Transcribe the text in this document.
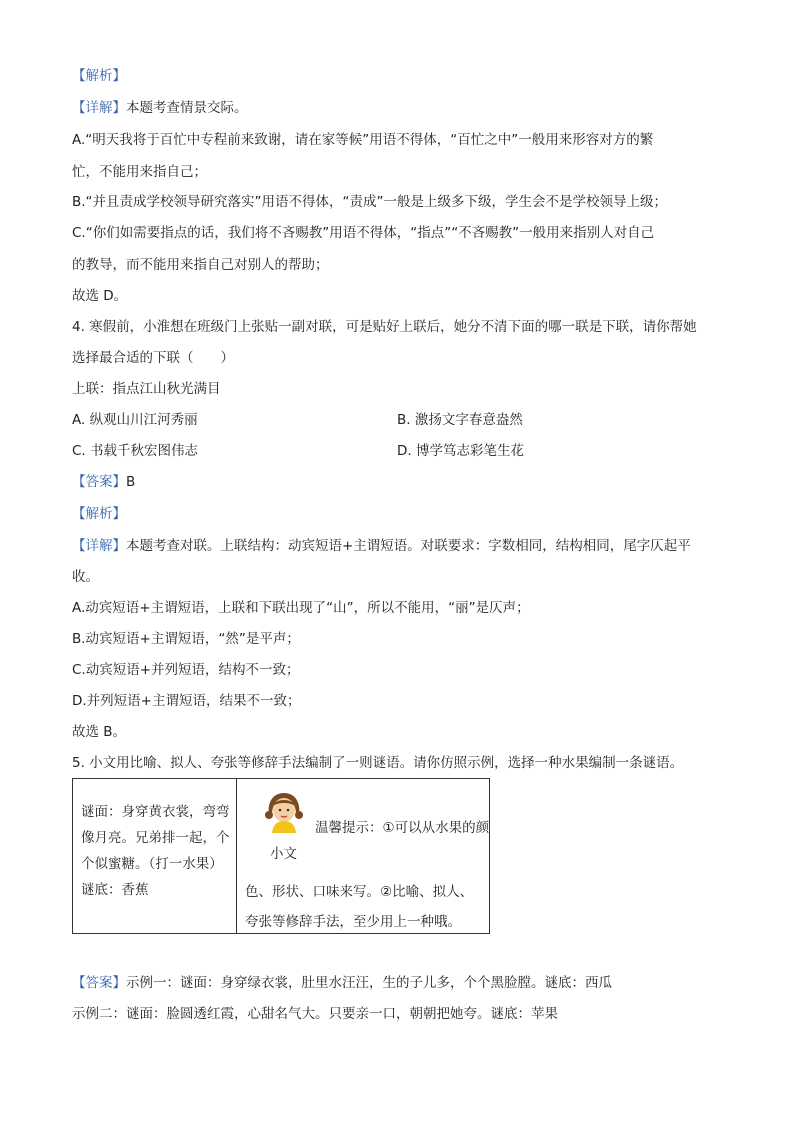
【解析】
【详解】本题考查情景交际。
A.“明天我将于百忙中专程前来致谢，请在家等候”用语不得体，“百忙之中”一般用来形容对方的繁
忙，不能用来指自己；
B.“并且责成学校领导研究落实”用语不得体，“责成”一般是上级多下级，学生会不是学校领导上级；
C.“你们如需要指点的话，我们将不吝赐教”用语不得体，“指点”“不吝赐教”一般用来指别人对自己
的教导，而不能用来指自己对别人的帮助；
故选 D。
4. 寒假前，小淮想在班级门上张贴一副对联，可是贴好上联后，她分不清下面的哪一联是下联，请你帮她
选择最合适的下联（　　）
上联：指点江山秋光满目
A. 纵观山川江河秀丽	B. 激扬文字春意盎然
C. 书载千秋宏图伟志	D. 博学笃志彩笔生花
【答案】B
【解析】
【详解】本题考查对联。上联结构：动宾短语+主谓短语。对联要求：字数相同，结构相同，尾字仄起平
收。
A.动宾短语+主谓短语，上联和下联出现了“山”，所以不能用，“丽”是仄声；
B.动宾短语+主谓短语，“然”是平声；
C.动宾短语+并列短语，结构不一致；
D.并列短语+主谓短语，结果不一致；
故选 B。
5. 小文用比喻、拟人、夸张等修辞手法编制了一则谜语。请你仿照示例，选择一种水果编制一条谜语。
谜面：身穿黄衣裳，弯弯像月亮。兄弟排一起，个个似蜜糖。（打一水果）谜底：香蕉
小文
温馨提示：①可以从水果的颜
色、形状、口味来写。②比喻、拟人、夸张等修辞手法，至少用上一种哦。
【答案】示例一：谜面：身穿绿衣裳，肚里水汪汪，生的子儿多，个个黑脸膛。谜底：西瓜
示例二：谜面：脸圆透红霞，心甜名气大。只要亲一口，朝朝把她夸。谜底：苹果
